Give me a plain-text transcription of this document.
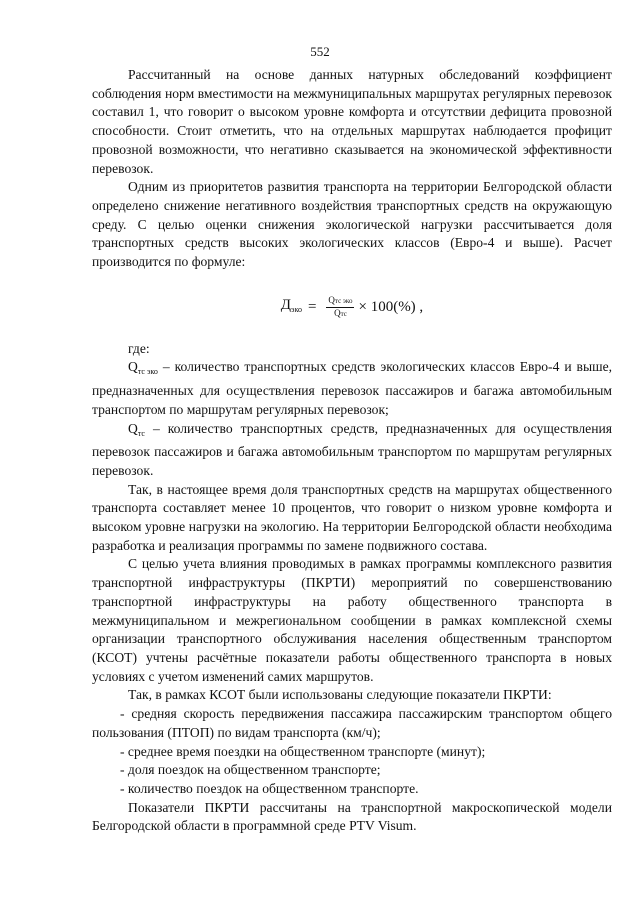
552

Рассчитанный на основе данных натурных обследований коэффициент соблюдения норм вместимости на межмуниципальных маршрутах регулярных перевозок составил 1, что говорит о высоком уровне комфорта и отсутствии дефицита провозной способности. Стоит отметить, что на отдельных маршрутах наблюдается профицит провозной возможности, что негативно сказывается на экономической эффективности перевозок.

Одним из приоритетов развития транспорта на территории Белгородской области определено снижение негативного воздействия транспортных средств на окружающую среду. С целью оценки снижения экологической нагрузки рассчитывается доля транспортных средств высоких экологических классов (Евро-4 и выше). Расчет производится по формуле:

$Д_{эко} = \frac{\text{Qтс эко}}{\text{Qтс}} \times 100(\%)$ ,

где:

$Q_{тс эко}$ – количество транспортных средств экологических классов Евро-4 и выше, предназначенных для осуществления перевозок пассажиров и багажа автомобильным транспортом по маршрутам регулярных перевозок;

$Q_{тс}$ – количество транспортных средств, предназначенных для осуществления перевозок пассажиров и багажа автомобильным транспортом по маршрутам регулярных перевозок.

Так, в настоящее время доля транспортных средств на маршрутах общественного транспорта составляет менее 10 процентов, что говорит о низком уровне комфорта и высоком уровне нагрузки на экологию. На территории Белгородской области необходима разработка и реализация программы по замене подвижного состава.

С целью учета влияния проводимых в рамках программы комплексного развития транспортной инфраструктуры (ПКРТИ) мероприятий по совершенствованию транспортной инфраструктуры на работу общественного транспорта в межмуниципальном и межрегиональном сообщении в рамках комплексной схемы организации транспортного обслуживания населения общественным транспортом (КСОТ) учтены расчётные показатели работы общественного транспорта в новых условиях с учетом изменений самих маршрутов.

Так, в рамках КСОТ были использованы следующие показатели ПКРТИ:

- средняя скорость передвижения пассажира пассажирским транспортом общего пользования (ПТОП) по видам транспорта (км/ч);

- среднее время поездки на общественном транспорте (минут);

- доля поездок на общественном транспорте;

- количество поездок на общественном транспорте.

Показатели ПКРТИ рассчитаны на транспортной макроскопической модели Белгородской области в программной среде PTV Visum.
